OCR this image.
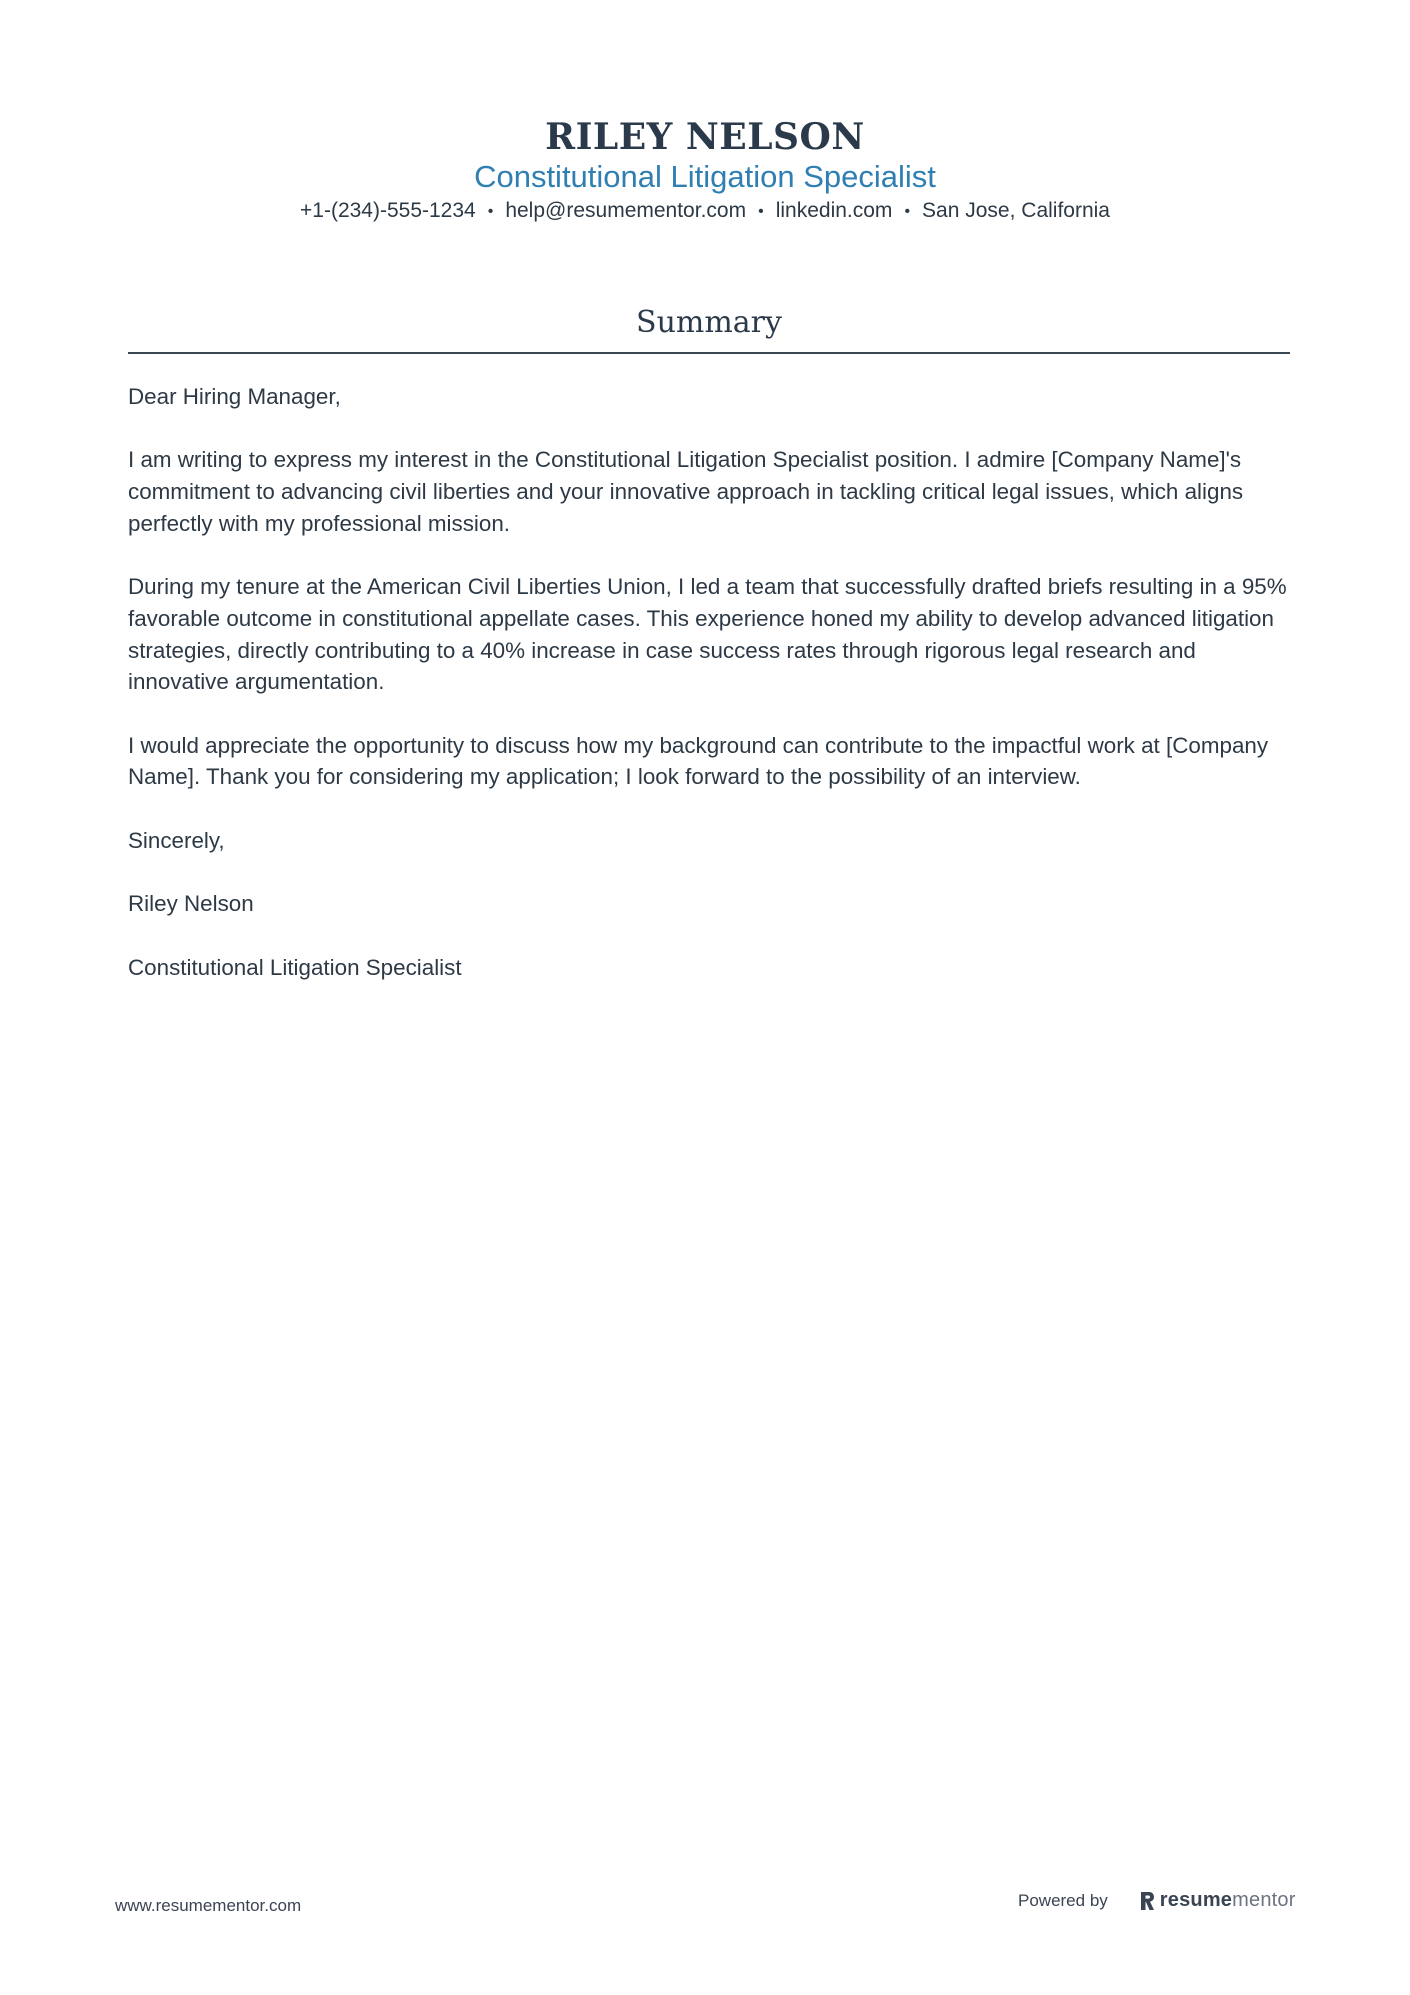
RILEY NELSON
Constitutional Litigation Specialist
+1-(234)-555-1234 • help@resumementor.com • linkedin.com • San Jose, California
Summary

Dear Hiring Manager,

I am writing to express my interest in the Constitutional Litigation Specialist position. I admire [Company Name]'s commitment to advancing civil liberties and your innovative approach in tackling critical legal issues, which aligns perfectly with my professional mission.

During my tenure at the American Civil Liberties Union, I led a team that successfully drafted briefs resulting in a 95% favorable outcome in constitutional appellate cases. This experience honed my ability to develop advanced litigation strategies, directly contributing to a 40% increase in case success rates through rigorous legal research and innovative argumentation.

I would appreciate the opportunity to discuss how my background can contribute to the impactful work at [Company Name]. Thank you for considering my application; I look forward to the possibility of an interview.

Sincerely,

Riley Nelson

Constitutional Litigation Specialist

www.resumementor.com	Powered by	resumementor
